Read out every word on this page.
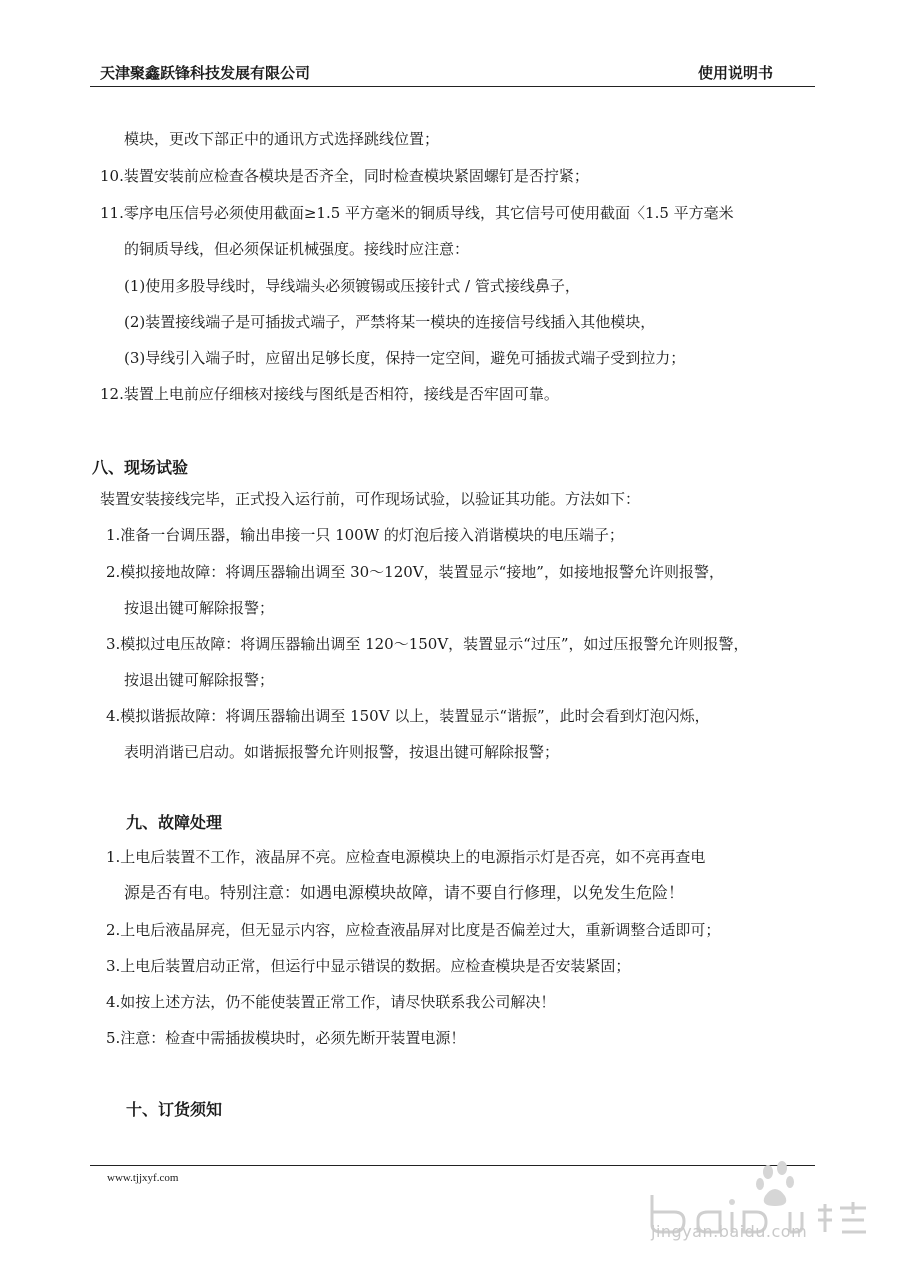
天津聚鑫跃锋科技发展有限公司	使用说明书
模块，更改下部正中的通讯方式选择跳线位置；
10.装置安装前应检查各模块是否齐全，同时检查模块紧固螺钉是否拧紧；
11.零序电压信号必须使用截面≥1.5 平方毫米的铜质导线，其它信号可使用截面〈1.5 平方毫米
的铜质导线，但必须保证机械强度。接线时应注意：
(1)使用多股导线时，导线端头必须镀锡或压接针式 / 管式接线鼻子，
(2)装置接线端子是可插拔式端子，严禁将某一模块的连接信号线插入其他模块，
(3)导线引入端子时，应留出足够长度，保持一定空间，避免可插拔式端子受到拉力；
12.装置上电前应仔细核对接线与图纸是否相符，接线是否牢固可靠。
八、现场试验
装置安装接线完毕，正式投入运行前，可作现场试验，以验证其功能。方法如下：
1.准备一台调压器，输出串接一只 100W 的灯泡后接入消谐模块的电压端子；
2.模拟接地故障：将调压器输出调至 30～120V，装置显示“接地”，如接地报警允许则报警，
按退出键可解除报警；
3.模拟过电压故障：将调压器输出调至 120～150V，装置显示“过压”，如过压报警允许则报警，
按退出键可解除报警；
4.模拟谐振故障：将调压器输出调至 150V 以上，装置显示“谐振”，此时会看到灯泡闪烁，
表明消谐已启动。如谐振报警允许则报警，按退出键可解除报警；
九、故障处理
1.上电后装置不工作，液晶屏不亮。应检查电源模块上的电源指示灯是否亮，如不亮再查电
源是否有电。特别注意：如遇电源模块故障，请不要自行修理，以免发生危险！
2.上电后液晶屏亮，但无显示内容，应检查液晶屏对比度是否偏差过大，重新调整合适即可；
3.上电后装置启动正常，但运行中显示错误的数据。应检查模块是否安装紧固；
4.如按上述方法，仍不能使装置正常工作，请尽快联系我公司解决！
5.注意：检查中需插拔模块时，必须先断开装置电源！
十、订货须知
www.tjjxyf.com
jingyan.baidu.com
